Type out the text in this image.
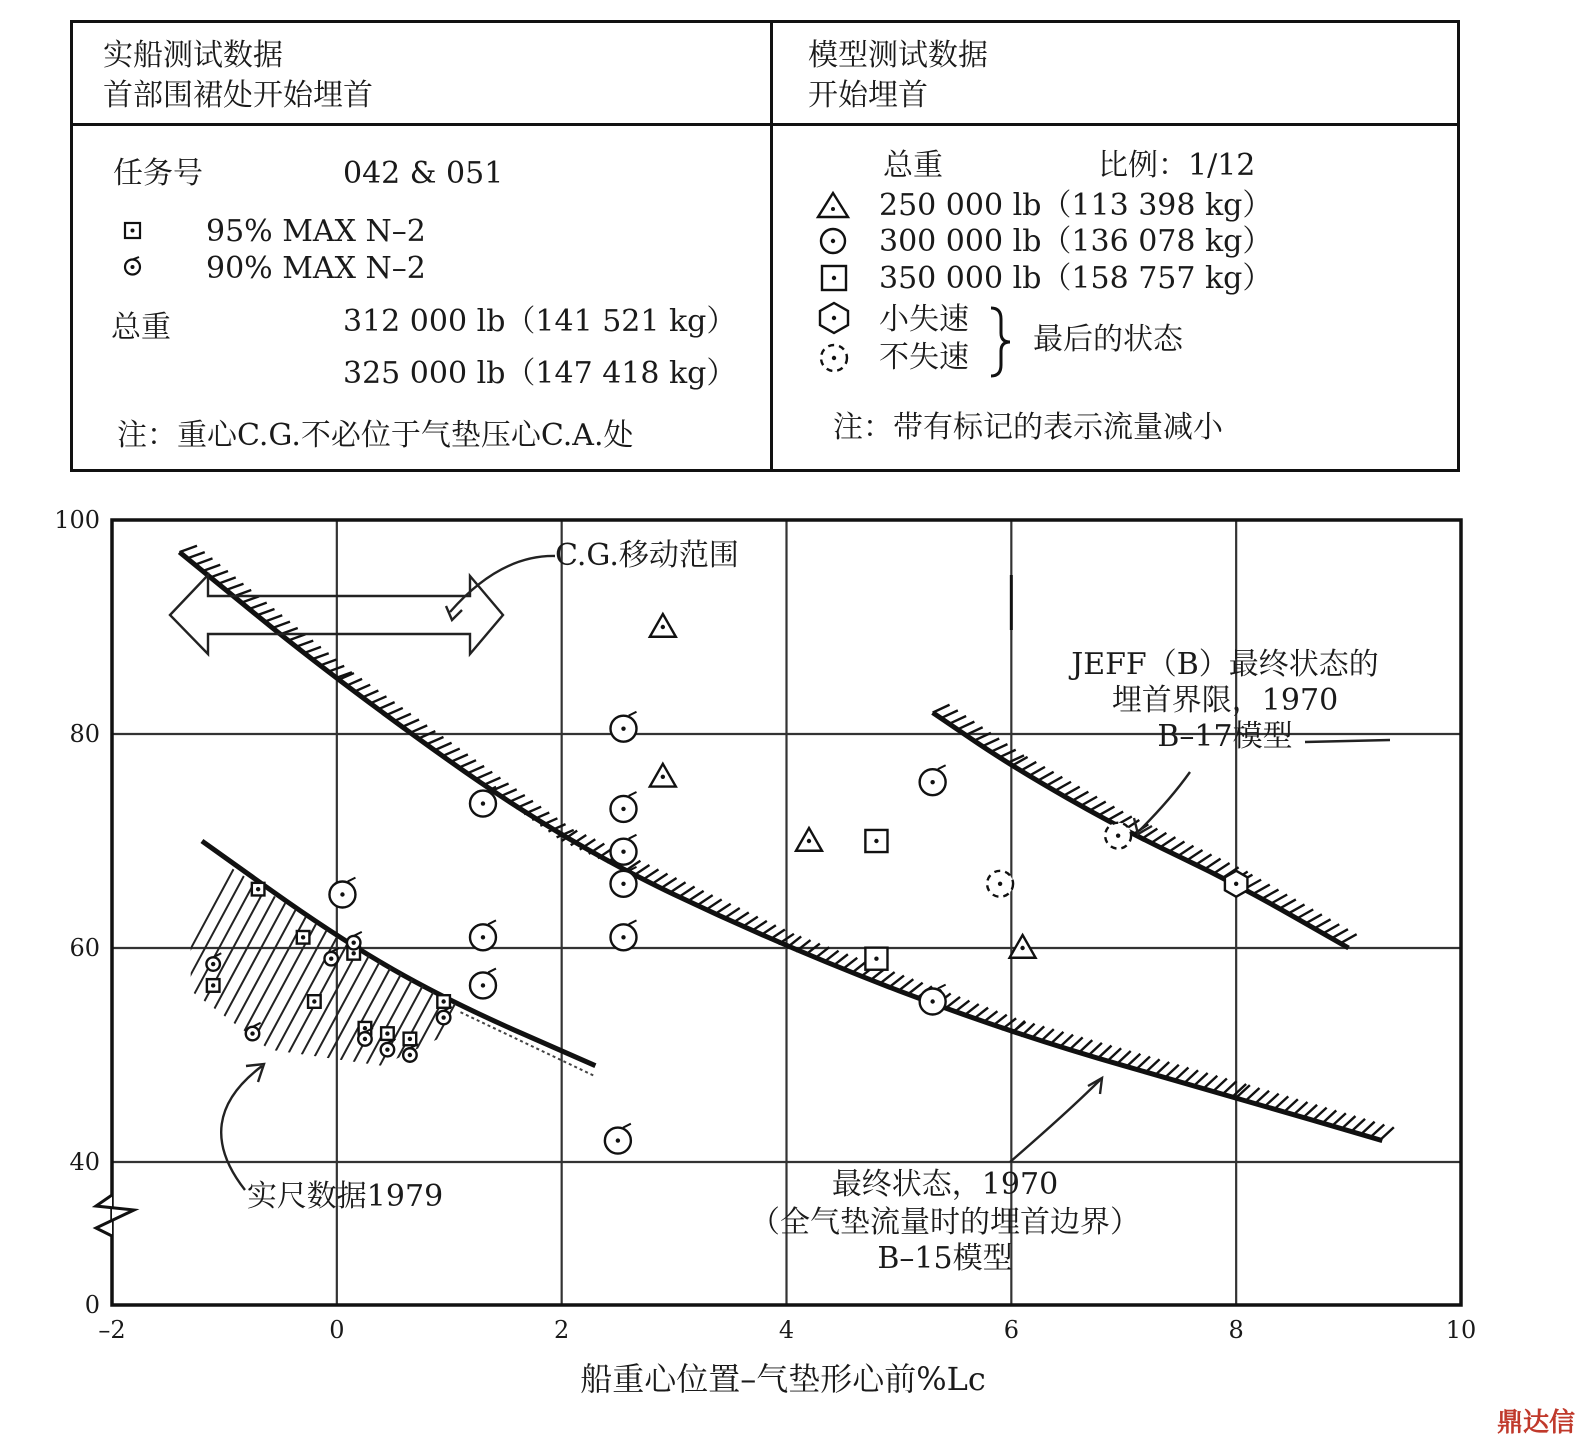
实船测试数据
首部围裙处开始埋首
模型测试数据
开始埋首
任务号	042 & 051
95% MAX N–2
90% MAX N–2
总重	312 000 lb（141 521 kg）
325 000 lb（147 418 kg）
注：重心C.G.不必位于气垫压心C.A.处
总重	比例：1/12
250 000 lb（113 398 kg）
300 000 lb（136 078 kg）
350 000 lb（158 757 kg）
小失速
不失速
最后的状态
注：带有标记的表示流量减小
–2	0	2	4	6	8	10
0
40
60
80
100
C.G.移动范围
JEFF（B）最终状态的
埋首界限，1970
B–17模型
实尺数据1979	最终状态，1970
（全气垫流量时的埋首边界）
B–15模型
船重心位置–气垫形心前%Lc
鼎达信
